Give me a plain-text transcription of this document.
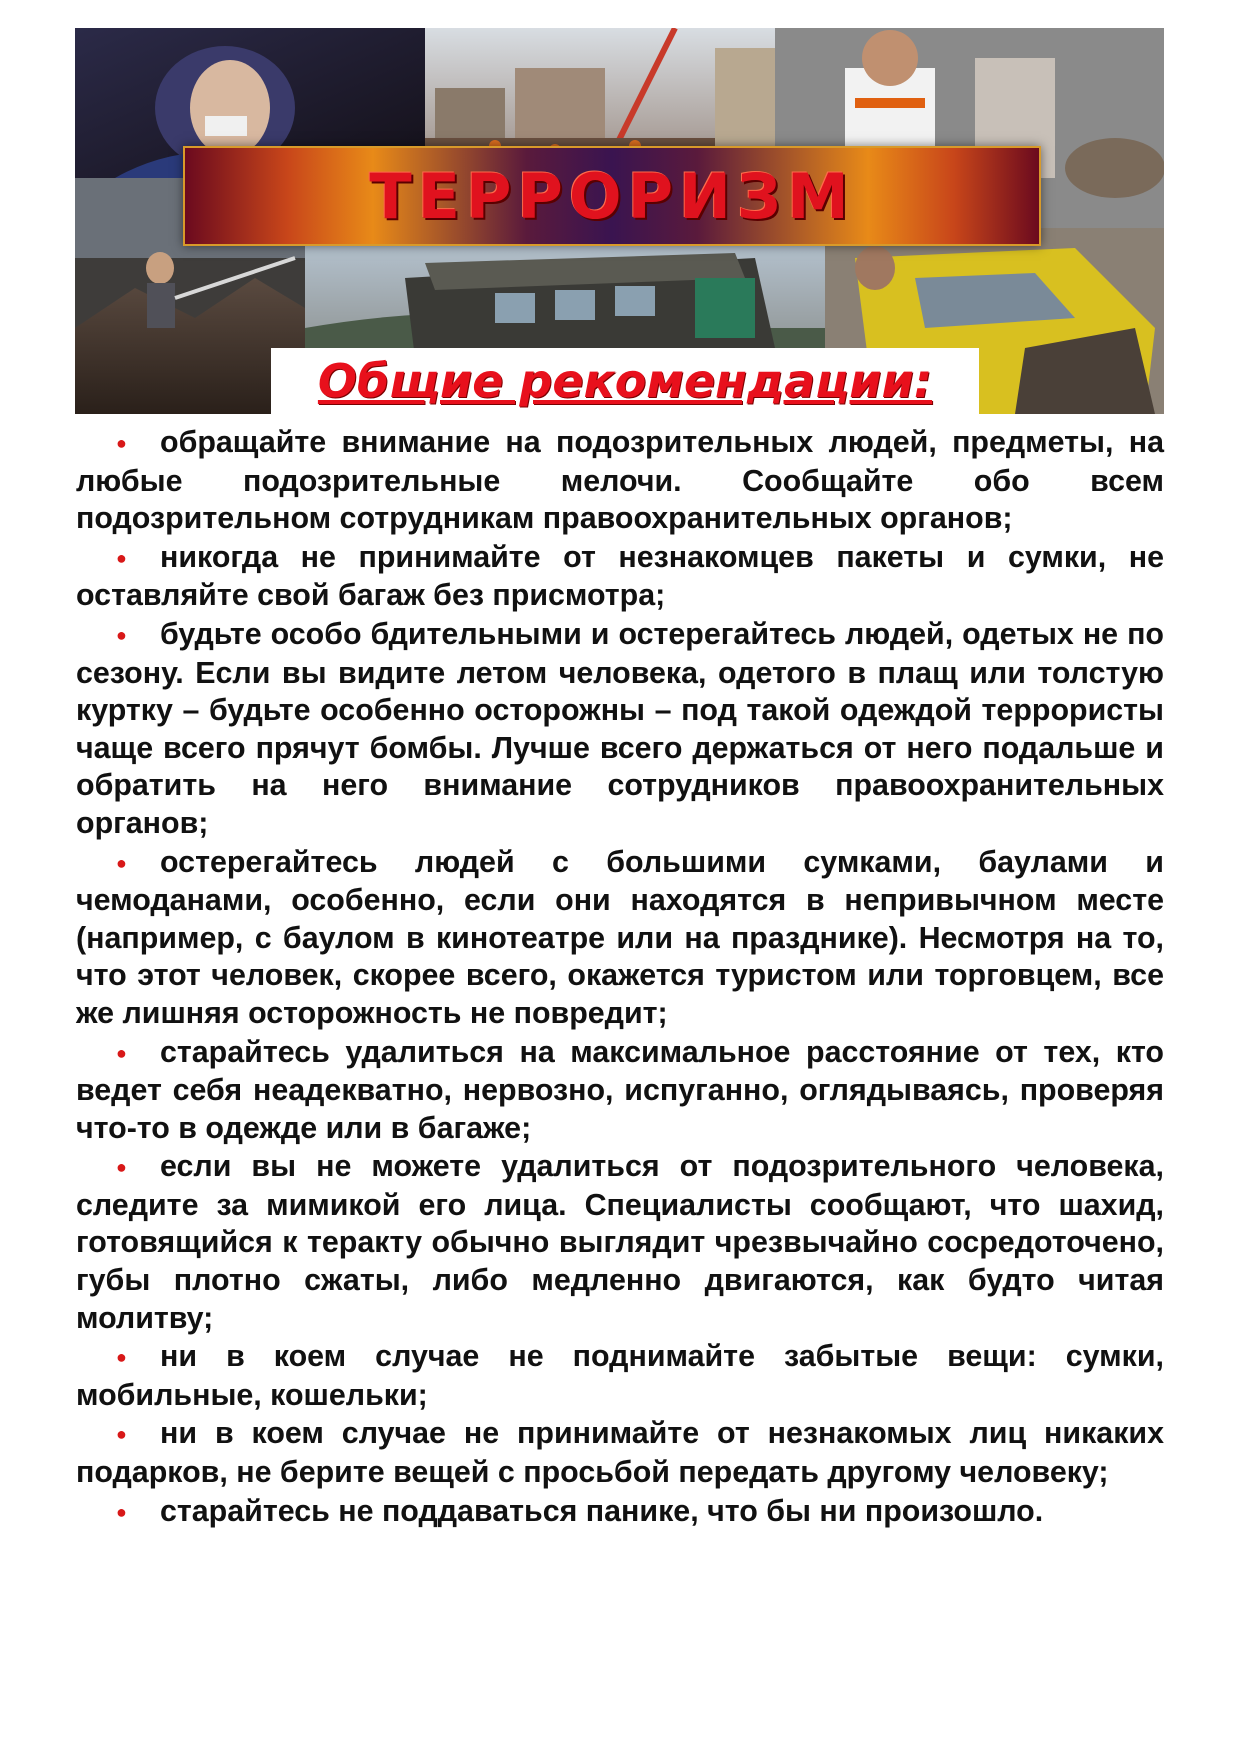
ТЕРРОРИЗМ
Общие рекомендации:

● обращайте внимание на подозрительных людей, предметы, на любые подозрительные мелочи. Сообщайте обо всем подозрительном сотрудникам правоохранительных органов;

● никогда не принимайте от незнакомцев пакеты и сумки, не оставляйте свой багаж без присмотра;

● будьте особо бдительными и остерегайтесь людей, одетых не по сезону. Если вы видите летом человека, одетого в плащ или толстую куртку – будьте особенно осторожны – под такой одеждой террористы чаще всего прячут бомбы. Лучше всего держаться от него подальше и обратить на него внимание сотрудников правоохранительных органов;

● остерегайтесь людей с большими сумками, баулами и чемоданами, особенно, если они находятся в непривычном месте (например, с баулом в кинотеатре или на празднике). Несмотря на то, что этот человек, скорее всего, окажется туристом или торговцем, все же лишняя осторожность не повредит;

● старайтесь удалиться на максимальное расстояние от тех, кто ведет себя неадекватно, нервозно, испуганно, оглядываясь, проверяя что-то в одежде или в багаже;

● если вы не можете удалиться от подозрительного человека, следите за мимикой его лица. Специалисты сообщают, что шахид, готовящийся к теракту обычно выглядит чрезвычайно сосредоточено, губы плотно сжаты, либо медленно двигаются, как будто читая молитву;

● ни в коем случае не поднимайте забытые вещи: сумки, мобильные, кошельки;

● ни в коем случае не принимайте от незнакомых лиц никаких подарков, не берите вещей с просьбой передать другому человеку;

● старайтесь не поддаваться панике, что бы ни произошло.
